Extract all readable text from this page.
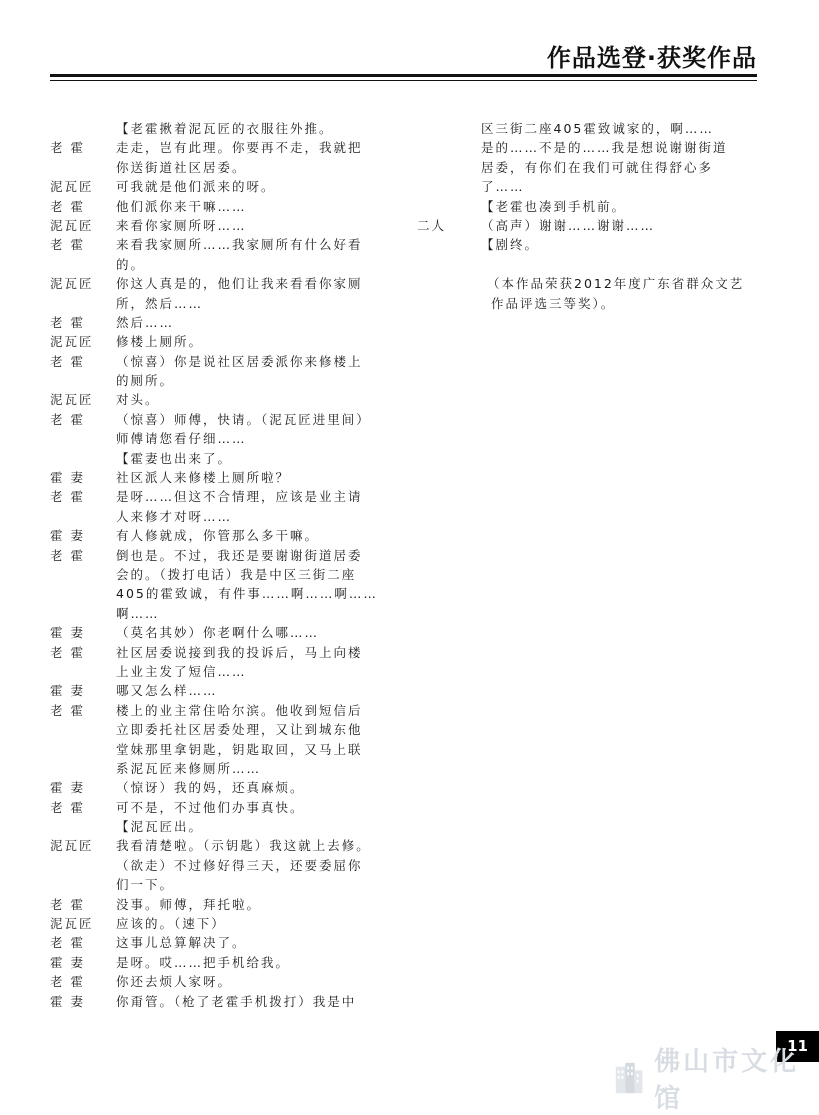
作品选登·获奖作品
【老霍揪着泥瓦匠的衣服往外推。
老 霍 走走，岂有此理。你要再不走，我就把
你送街道社区居委。
泥瓦匠 可我就是他们派来的呀。
老 霍 他们派你来干嘛……
泥瓦匠 来看你家厕所呀……
老 霍 来看我家厕所……我家厕所有什么好看
的。
泥瓦匠 你这人真是的，他们让我来看看你家厕
所，然后……
老 霍 然后……
泥瓦匠 修楼上厕所。
老 霍 （惊喜）你是说社区居委派你来修楼上
的厕所。
泥瓦匠 对头。
老 霍 （惊喜）师傅，快请。（泥瓦匠进里间）
师傅请您看仔细……
【霍妻也出来了。
霍 妻 社区派人来修楼上厕所啦？
老 霍 是呀……但这不合情理，应该是业主请
人来修才对呀……
霍 妻 有人修就成，你管那么多干嘛。
老 霍 倒也是。不过，我还是要谢谢街道居委
会的。（拨打电话）我是中区三街二座
405的霍致诚，有件事……啊……啊……
啊……
霍 妻 （莫名其妙）你老啊什么哪……
老 霍 社区居委说接到我的投诉后，马上向楼
上业主发了短信……
霍 妻 哪又怎么样……
老 霍 楼上的业主常住哈尔滨。他收到短信后
立即委托社区居委处理，又让到城东他
堂妹那里拿钥匙，钥匙取回，又马上联
系泥瓦匠来修厕所……
霍 妻 （惊讶）我的妈，还真麻烦。
老 霍 可不是，不过他们办事真快。
【泥瓦匠出。
泥瓦匠 我看清楚啦。（示钥匙）我这就上去修。
（欲走）不过修好得三天，还要委屈你
们一下。
老 霍 没事。师傅，拜托啦。
泥瓦匠 应该的。（速下）
老 霍 这事儿总算解决了。
霍 妻 是呀。哎……把手机给我。
老 霍 你还去烦人家呀。
霍 妻 你甭管。（枪了老霍手机拨打）我是中
区三街二座405霍致诚家的，啊……
是的……不是的……我是想说谢谢街道
居委，有你们在我们可就住得舒心多
了……
【老霍也凑到手机前。
二人	（高声）谢谢……谢谢……
【剧终。
（本作品荣获2012年度广东省群众文艺
作品评选三等奖）。
11
佛山市文化馆
